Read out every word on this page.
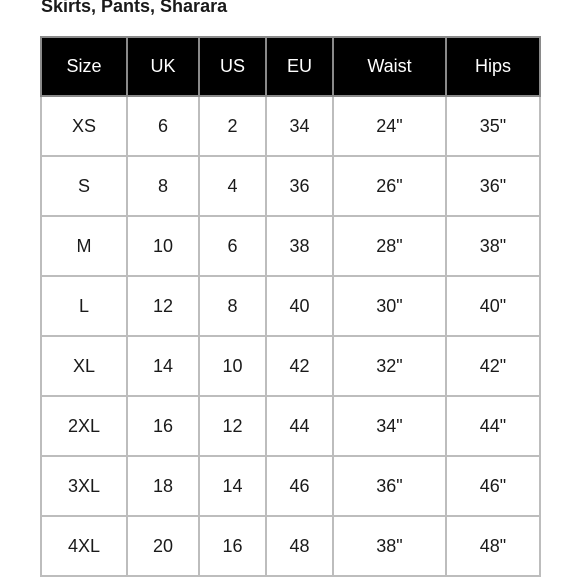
Skirts, Pants, Sharara
Size	UK	US	EU	Waist	Hips
XS	6	2	34	24"	35"
S	8	4	36	26"	36"
M	10	6	38	28"	38"
L	12	8	40	30"	40"
XL	14	10	42	32"	42"
2XL	16	12	44	34"	44"
3XL	18	14	46	36"	46"
4XL	20	16	48	38"	48"
